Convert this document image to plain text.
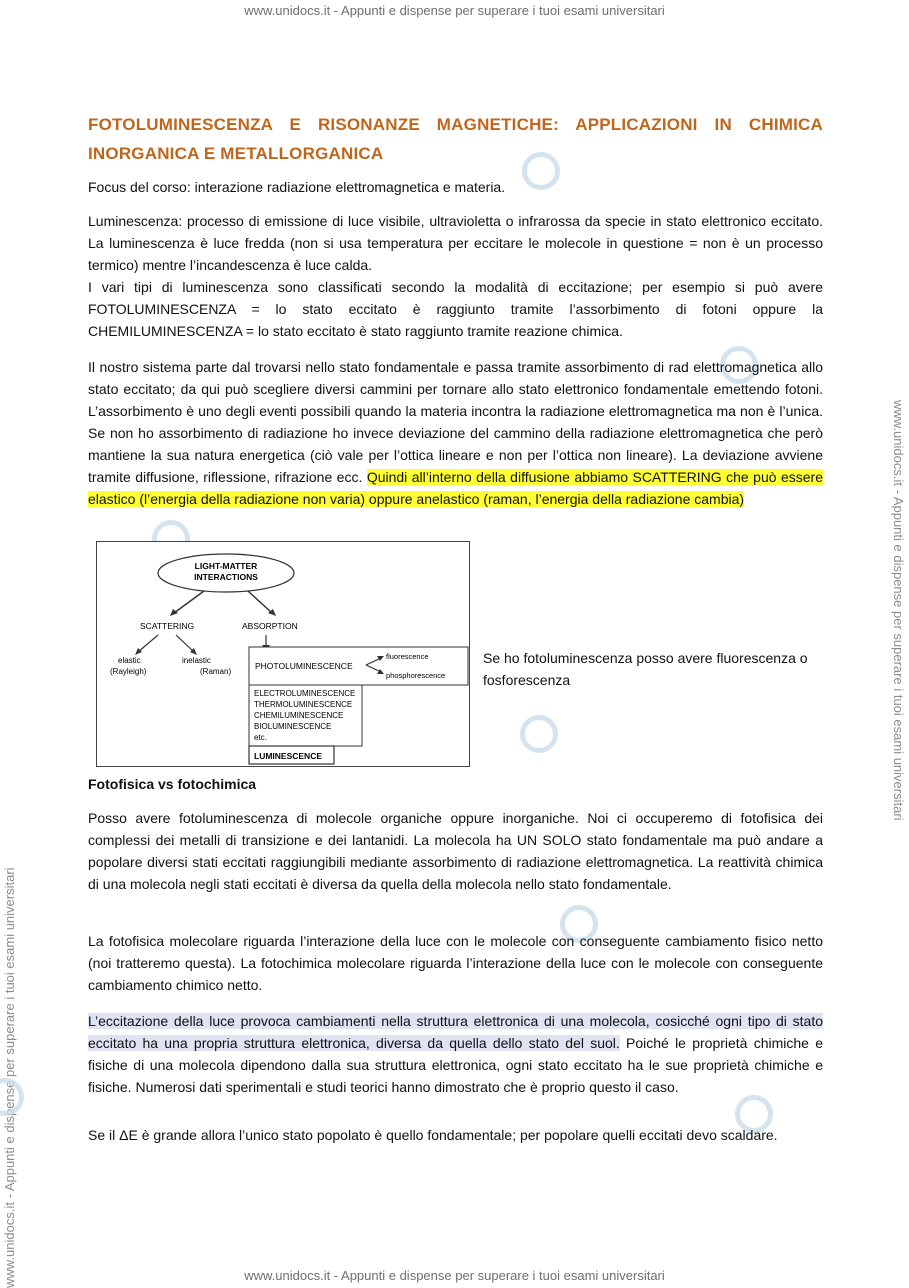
www.unidocs.it - Appunti e dispense per superare i tuoi esami universitari
www.unidocs.it - Appunti e dispense per superare i tuoi esami universitari
www.unidocs.it - Appunti e dispense per superare i tuoi esami universitari
www.unidocs.it - Appunti e dispense per superare i tuoi esami universitari
FOTOLUMINESCENZA E RISONANZE MAGNETICHE: APPLICAZIONI IN CHIMICA INORGANICA E METALLORGANICA

Focus del corso: interazione radiazione elettromagnetica e materia.

Luminescenza: processo di emissione di luce visibile, ultravioletta o infrarossa da specie in stato elettronico eccitato. La luminescenza è luce fredda (non si usa temperatura per eccitare le molecole in questione = non è un processo termico) mentre l’incandescenza è luce calda.

I vari tipi di luminescenza sono classificati secondo la modalità di eccitazione; per esempio si può avere FOTOLUMINESCENZA = lo stato eccitato è raggiunto tramite l’assorbimento di fotoni oppure la CHEMILUMINESCENZA = lo stato eccitato è stato raggiunto tramite reazione chimica.

Il nostro sistema parte dal trovarsi nello stato fondamentale e passa tramite assorbimento di rad elettromagnetica allo stato eccitato; da qui può scegliere diversi cammini per tornare allo stato elettronico fondamentale emettendo fotoni. L’assorbimento è uno degli eventi possibili quando la materia incontra la radiazione elettromagnetica ma non è l’unica. Se non ho assorbimento di radiazione ho invece deviazione del cammino della radiazione elettromagnetica che però mantiene la sua natura energetica (ciò vale per l’ottica lineare e non per l’ottica non lineare). La deviazione avviene tramite diffusione, riflessione, rifrazione ecc. Quindi all’interno della diffusione abbiamo SCATTERING che può essere elastico (l’energia della radiazione non varia) oppure anelastico (raman, l’energia della radiazione cambia)

LIGHT-MATTER
INTERACTIONS
SCATTERING	ABSORPTION
elastic
(Rayleigh)
inelastic
(Raman)
PHOTOLUMINESCENCE
fluorescence
phosphorescence
ELECTROLUMINESCENCE
THERMOLUMINESCENCE
CHEMILUMINESCENCE
BIOLUMINESCENCE
etc.
LUMINESCENCE
Se ho fotoluminescenza posso avere fluorescenza o fosforescenza

Fotofisica vs fotochimica

Posso avere fotoluminescenza di molecole organiche oppure inorganiche. Noi ci occuperemo di fotofisica dei complessi dei metalli di transizione e dei lantanidi. La molecola ha UN SOLO stato fondamentale ma può andare a popolare diversi stati eccitati raggiungibili mediante assorbimento di radiazione elettromagnetica. La reattività chimica di una molecola negli stati eccitati è diversa da quella della molecola nello stato fondamentale.

La fotofisica molecolare riguarda l’interazione della luce con le molecole con conseguente cambiamento fisico netto (noi tratteremo questa). La fotochimica molecolare riguarda l’interazione della luce con le molecole con conseguente cambiamento chimico netto.

L’eccitazione della luce provoca cambiamenti nella struttura elettronica di una molecola, cosicché ogni tipo di stato eccitato ha una propria struttura elettronica, diversa da quella dello stato del suol. Poiché le proprietà chimiche e fisiche di una molecola dipendono dalla sua struttura elettronica, ogni stato eccitato ha le sue proprietà chimiche e fisiche. Numerosi dati sperimentali e studi teorici hanno dimostrato che è proprio questo il caso.

Se il ΔE è grande allora l’unico stato popolato è quello fondamentale; per popolare quelli eccitati devo scaldare.
